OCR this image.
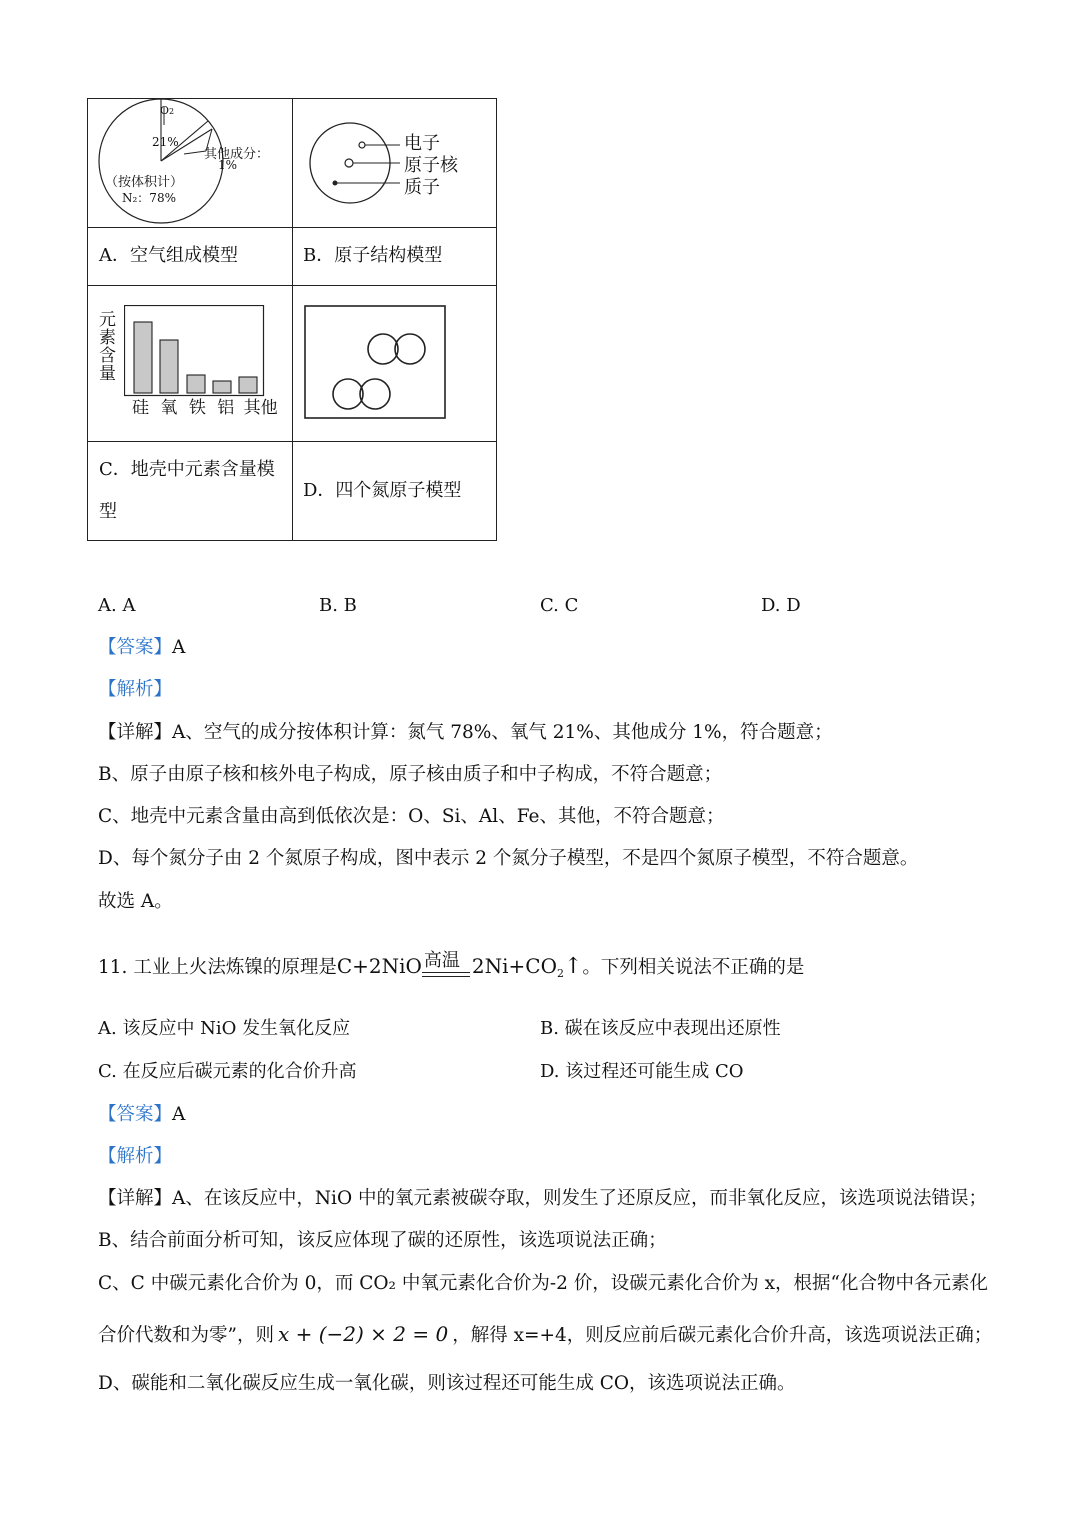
O2
21%
其他成分：
1%
（按体积计）
N₂：78%
电子
原子核
质子
A．空气组成模型	B．原子结构模型
元
素
含
量
硅 氧 铁 铝 其他
C．地壳中元素含量模
型
D．四个氮原子模型
A. A	B. B	C. C	D. D
【答案】A
【解析】
【详解】A、空气的成分按体积计算：氮气 78%、氧气 21%、其他成分 1%，符合题意；
B、原子由原子核和核外电子构成，原子核由质子和中子构成，不符合题意；
C、地壳中元素含量由高到低依次是：O、Si、Al、Fe、其他，不符合题意；
D、每个氮分子由 2 个氮原子构成，图中表示 2 个氮分子模型，不是四个氮原子模型，不符合题意。
故选 A。
11. 工业上火法炼镍的原理是C+2NiO 高温 $2Ni+CO_2↑$。下列相关说法不正确的是
A. 该反应中 NiO 发生氧化反应	B. 碳在该反应中表现出还原性
C. 在反应后碳元素的化合价升高	D. 该过程还可能生成 CO
【答案】A
【解析】
【详解】A、在该反应中，NiO 中的氧元素被碳夺取，则发生了还原反应，而非氧化反应，该选项说法错误；
B、结合前面分析可知，该反应体现了碳的还原性，该选项说法正确；
C、C 中碳元素化合价为 0，而 CO₂ 中氧元素化合价为-2 价，设碳元素化合价为 x，根据“化合物中各元素化
合价代数和为零”，则 x + (−2) × 2 = 0 ，解得 x=+4，则反应前后碳元素化合价升高，该选项说法正确；
D、碳能和二氧化碳反应生成一氧化碳，则该过程还可能生成 CO，该选项说法正确。
